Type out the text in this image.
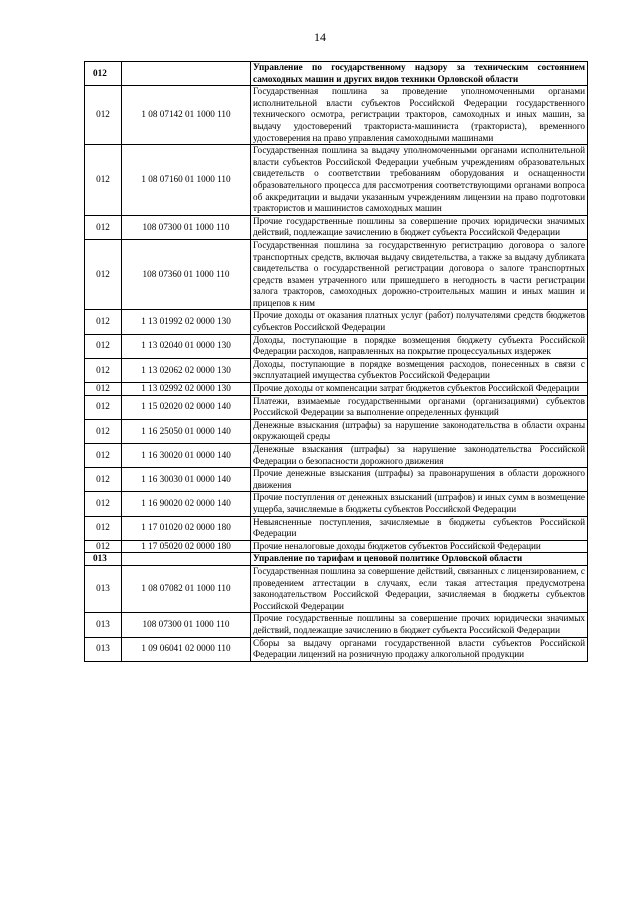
14
012		Управление по государственному надзору за техническим состоянием самоходных машин и других видов техники Орловской области
012	1 08 07142 01 1000 110	Государственная пошлина за проведение уполномоченными органами исполнительной власти субъектов Российской Федерации государственного технического осмотра, регистрации тракторов, самоходных и иных машин, за выдачу удостоверений тракториста-машиниста (тракториста), временного удостоверения на право управления самоходными машинами
012	1 08 07160 01 1000 110	Государственная пошлина за выдачу уполномоченными органами исполнительной власти субъектов Российской Федерации учебным учреждениям образовательных свидетельств о соответствии требованиям оборудования и оснащенности образовательного процесса для рассмотрения соответствующими органами вопроса об аккредитации и выдачи указанным учреждениям лицензии на право подготовки трактористов и машинистов самоходных машин
012	108 07300 01 1000 110	Прочие государственные пошлины за совершение прочих юридически значимых действий, подлежащие зачислению в бюджет субъекта Российской Федерации
012	108 07360 01 1000 110	Государственная пошлина за государственную регистрацию договора о залоге транспортных средств, включая выдачу свидетельства, а также за выдачу дубликата свидетельства о государственной регистрации договора о залоге транспортных средств взамен утраченного или пришедшего в негодность в части регистрации залога тракторов, самоходных дорожно-строительных машин и иных машин и прицепов к ним
012	1 13 01992 02 0000 130	Прочие доходы от оказания платных услуг (работ) получателями средств бюджетов субъектов Российской Федерации
012	1 13 02040 01 0000 130	Доходы, поступающие в порядке возмещения бюджету субъекта Российской Федерации расходов, направленных на покрытие процессуальных издержек
012	1 13 02062 02 0000 130	Доходы, поступающие в порядке возмещения расходов, понесенных в связи с эксплуатацией имущества субъектов Российской Федерации
012	1 13 02992 02 0000 130	Прочие доходы от компенсации затрат бюджетов субъектов Российской Федерации
012	1 15 02020 02 0000 140	Платежи, взимаемые государственными органами (организациями) субъектов Российской Федерации за выполнение определенных функций
012	1 16 25050 01 0000 140	Денежные взыскания (штрафы) за нарушение законодательства в области охраны окружающей среды
012	1 16 30020 01 0000 140	Денежные взыскания (штрафы) за нарушение законодательства Российской Федерации о безопасности дорожного движения
012	1 16 30030 01 0000 140	Прочие денежные взыскания (штрафы) за правонарушения в области дорожного движения
012	1 16 90020 02 0000 140	Прочие поступления от денежных взысканий (штрафов) и иных сумм в возмещение ущерба, зачисляемые в бюджеты субъектов Российской Федерации
012	1 17 01020 02 0000 180	Невыясненные поступления, зачисляемые в бюджеты субъектов Российской Федерации
012	1 17 05020 02 0000 180	Прочие неналоговые доходы бюджетов субъектов Российской Федерации
013		Управление по тарифам и ценовой политике Орловской области
013	1 08 07082 01 1000 110	Государственная пошлина за совершение действий, связанных с лицензированием, с проведением аттестации в случаях, если такая аттестация предусмотрена законодательством Российской Федерации, зачисляемая в бюджеты субъектов Российской Федерации
013	108 07300 01 1000 110	Прочие государственные пошлины за совершение прочих юридически значимых действий, подлежащие зачислению в бюджет субъекта Российской Федерации
013	1 09 06041 02 0000 110	Сборы за выдачу органами государственной власти субъектов Российской Федерации лицензий на розничную продажу алкогольной продукции
